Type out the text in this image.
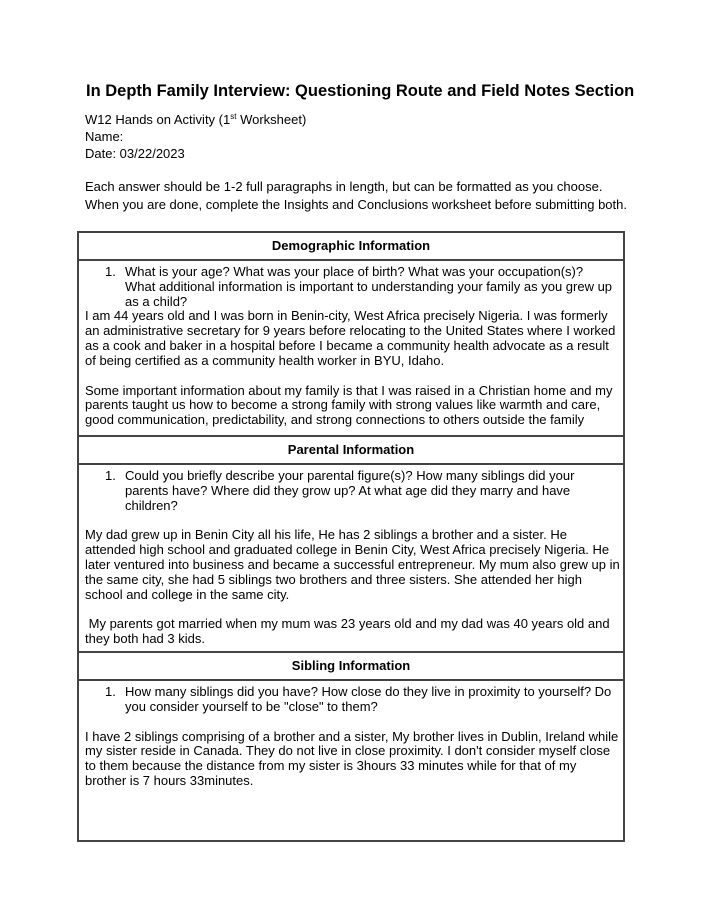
In Depth Family Interview: Questioning Route and Field Notes Section
W12 Hands on Activity (1st Worksheet)
Name:
Date: 03/22/2023
Each answer should be 1-2 full paragraphs in length, but can be formatted as you choose.
When you are done, complete the Insights and Conclusions worksheet before submitting both.
Demographic Information

1. What is your age? What was your place of birth? What was your occupation(s)? What additional information is important to understanding your family as you grew up as a child?

I am 44 years old and I was born in Benin-city, West Africa precisely Nigeria. I was formerly an administrative secretary for 9 years before relocating to the United States where I worked as a cook and baker in a hospital before I became a community health advocate as a result of being certified as a community health worker in BYU, Idaho.

Some important information about my family is that I was raised in a Christian home and my parents taught us how to become a strong family with strong values like warmth and care, good communication, predictability, and strong connections to others outside the family

Parental Information

1. Could you briefly describe your parental figure(s)? How many siblings did your parents have? Where did they grow up? At what age did they marry and have children?

My dad grew up in Benin City all his life, He has 2 siblings a brother and a sister. He attended high school and graduated college in Benin City, West Africa precisely Nigeria. He later ventured into business and became a successful entrepreneur. My mum also grew up in the same city, she had 5 siblings two brothers and three sisters. She attended her high school and college in the same city.

My parents got married when my mum was 23 years old and my dad was 40 years old and they both had 3 kids.

Sibling Information

1. How many siblings did you have? How close do they live in proximity to yourself? Do you consider yourself to be "close" to them?

I have 2 siblings comprising of a brother and a sister, My brother lives in Dublin, Ireland while my sister reside in Canada. They do not live in close proximity. I don't consider myself close to them because the distance from my sister is 3hours 33 minutes while for that of my brother is 7 hours 33minutes.
